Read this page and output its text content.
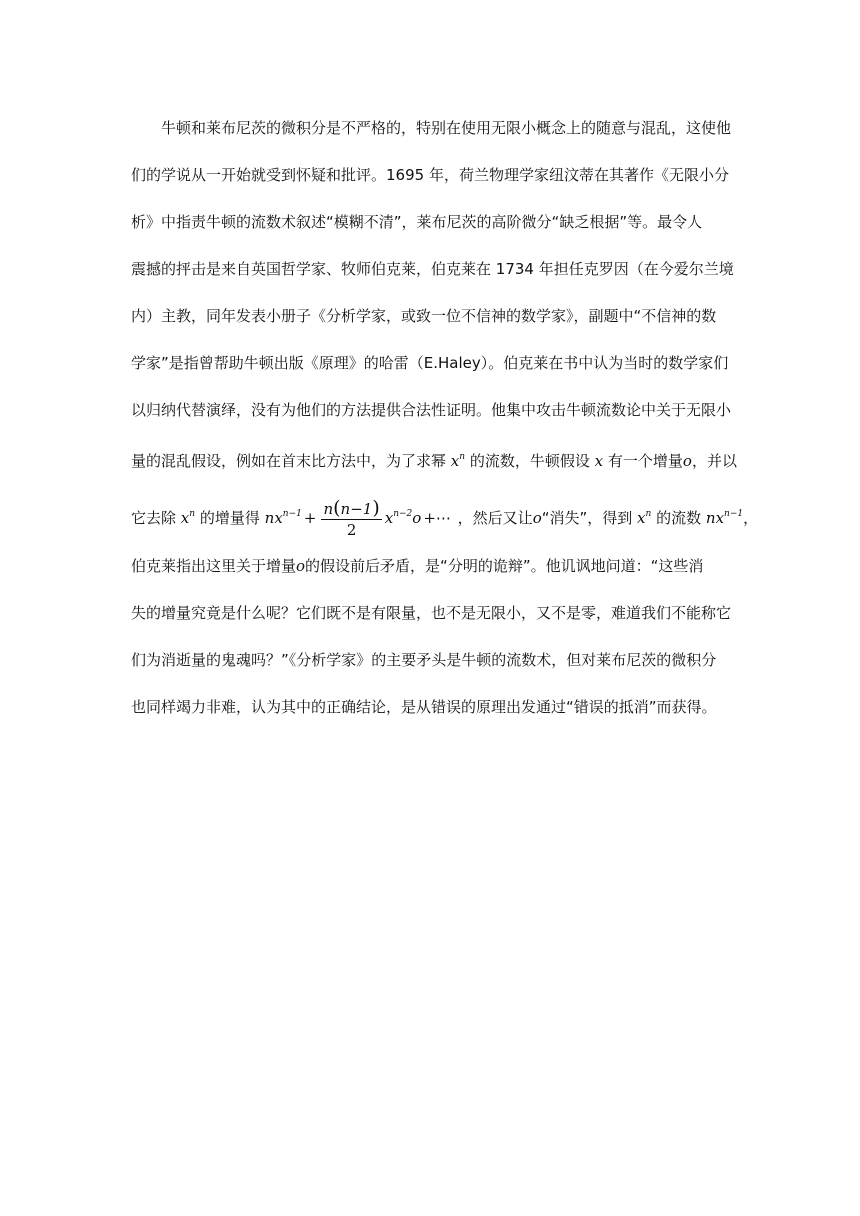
牛顿和莱布尼茨的微积分是不严格的，特别在使用无限小概念上的随意与混乱，这使他
们的学说从一开始就受到怀疑和批评。1695 年，荷兰物理学家纽汶蒂在其著作《无限小分
析》中指责牛顿的流数术叙述“模糊不清”，莱布尼茨的高阶微分“缺乏根据”等。最令人
震撼的抨击是来自英国哲学家、牧师伯克莱，伯克莱在 1734 年担任克罗因（在今爱尔兰境
内）主教，同年发表小册子《分析学家，或致一位不信神的数学家》，副题中“不信神的数
学家”是指曾帮助牛顿出版《原理》的哈雷（E.Haley）。伯克莱在书中认为当时的数学家们
以归纳代替演绎，没有为他们的方法提供合法性证明。他集中攻击牛顿流数论中关于无限小
量的混乱假设，例如在首末比方法中，为了求幂 $x^n$ 的流数，牛顿假设 x 有一个增量ο，并以
它去除 $x^n$ 的增量得 $nx^{n-1} + \frac{n(n-1)}{2} x^{n-2}o$ +⋯ ，然后又让ο“消失”，得到 $x^n$ 的流数 $nx^{n-1}$，
伯克莱指出这里关于增量ο的假设前后矛盾，是“分明的诡辩”。他讥讽地问道：“这些消
失的增量究竟是什么呢？它们既不是有限量，也不是无限小，又不是零，难道我们不能称它
们为消逝量的鬼魂吗？”《分析学家》的主要矛头是牛顿的流数术，但对莱布尼茨的微积分
也同样竭力非难，认为其中的正确结论，是从错误的原理出发通过“错误的抵消”而获得。
